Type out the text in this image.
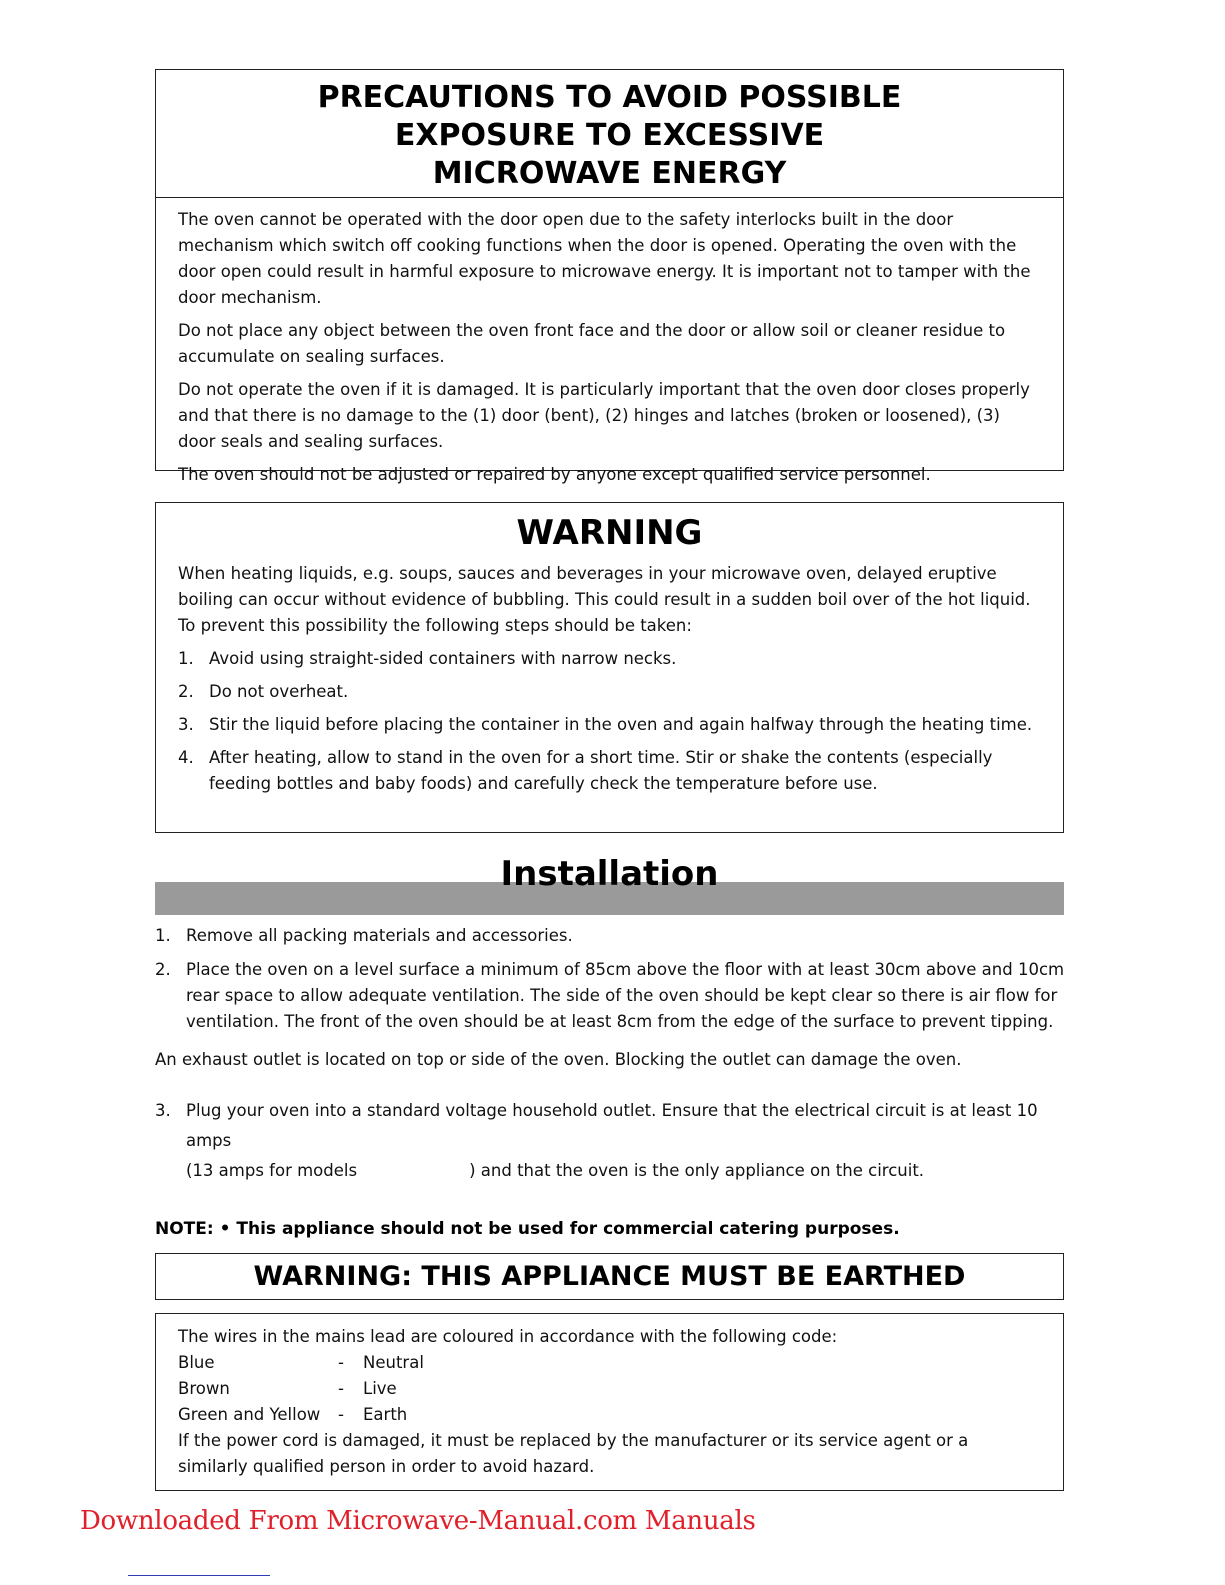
PRECAUTIONS TO AVOID POSSIBLE
EXPOSURE TO EXCESSIVE
MICROWAVE ENERGY

The oven cannot be operated with the door open due to the safety interlocks built in the door mechanism which switch off cooking functions when the door is opened. Operating the oven with the door open could result in harmful exposure to microwave energy. It is important not to tamper with the door mechanism.

Do not place any object between the oven front face and the door or allow soil or cleaner residue to accumulate on sealing surfaces.

Do not operate the oven if it is damaged. It is particularly important that the oven door closes properly and that there is no damage to the (1) door (bent), (2) hinges and latches (broken or loosened), (3) door seals and sealing surfaces.

The oven should not be adjusted or repaired by anyone except qualified service personnel.

WARNING

When heating liquids, e.g. soups, sauces and beverages in your microwave oven, delayed eruptive boiling can occur without evidence of bubbling. This could result in a sudden boil over of the hot liquid. To prevent this possibility the following steps should be taken:

1. Avoid using straight-sided containers with narrow necks.
2. Do not overheat.
3. Stir the liquid before placing the container in the oven and again halfway through the heating time.
4. After heating, allow to stand in the oven for a short time. Stir or shake the contents (especially feeding bottles and baby foods) and carefully check the temperature before use.
Installation
1. Remove all packing materials and accessories.
2. Place the oven on a level surface a minimum of 85cm above the floor with at least 30cm above and 10cm rear space to allow adequate ventilation. The side of the oven should be kept clear so there is air flow for ventilation. The front of the oven should be at least 8cm from the edge of the surface to prevent tipping.

An exhaust outlet is located on top or side of the oven. Blocking the outlet can damage the oven.

3. Plug your oven into a standard voltage household outlet. Ensure that the electrical circuit is at least 10 amps
(13 amps for models	) and that the oven is the only appliance on the circuit.
NOTE: • This appliance should not be used for commercial catering purposes.
WARNING: THIS APPLIANCE MUST BE EARTHED

The wires in the mains lead are coloured in accordance with the following code:

Blue	-	Neutral
Brown	-	Live
Green and Yellow	-	Earth

If the power cord is damaged, it must be replaced by the manufacturer or its service agent or a similarly qualified person in order to avoid hazard.

Downloaded From Microwave-Manual.com Manuals
